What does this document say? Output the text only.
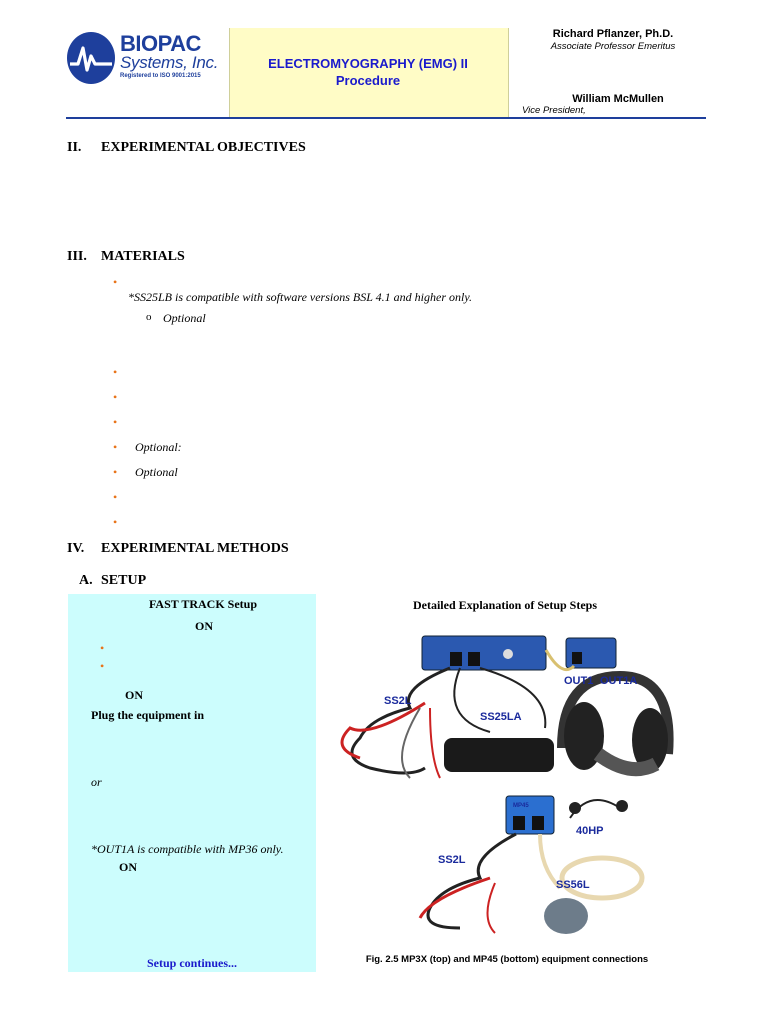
BIOPAC
Systems, Inc.
Registered to ISO 9001:2015
ELECTROMYOGRAPHY (EMG) II
Procedure
Richard Pflanzer, Ph.D.
Associate Professor Emeritus
William McMullen
Vice President,
II. EXPERIMENTAL OBJECTIVES
III. MATERIALS
•
*SS25LB is compatible with software versions BSL 4.1 and higher only.
o Optional
•
•
•
• Optional:
• Optional
•
•
IV. EXPERIMENTAL METHODS
A. SETUP
FAST TRACK Setup
ON
•
•
ON
Plug the equipment in
or
*OUT1A is compatible with MP36 only.
ON
Setup continues...
Detailed Explanation of Setup Steps
SS2L
SS25LA
OUT1 OUT1A
SS2L
40HP
SS56L
MP45
Fig. 2.5 MP3X (top) and MP45 (bottom) equipment connections
